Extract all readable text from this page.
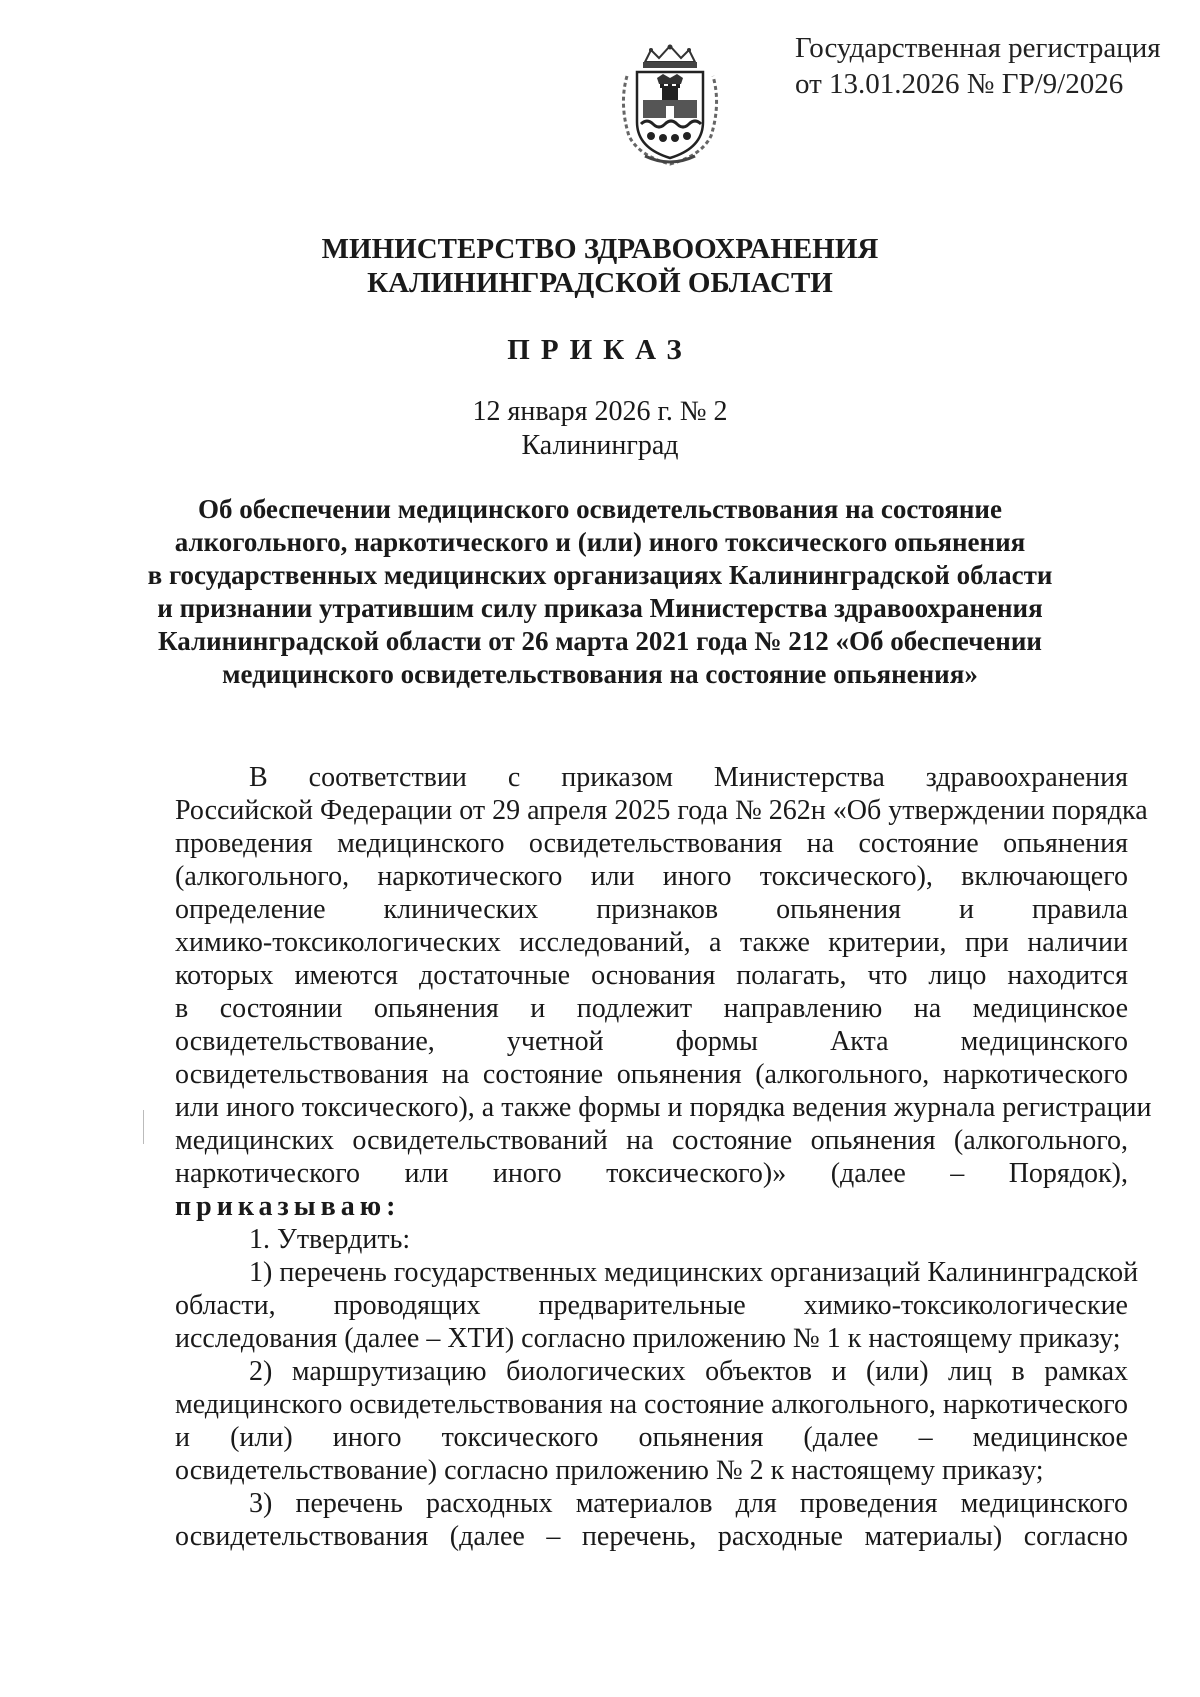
Государственная регистрация
от 13.01.2026 № ГР/9/2026
МИНИСТЕРСТВО ЗДРАВООХРАНЕНИЯ
КАЛИНИНГРАДСКОЙ ОБЛАСТИ
ПРИКАЗ
12 января 2026 г. № 2
Калининград
Об обеспечении медицинского освидетельствования на состояние
алкогольного, наркотического и (или) иного токсического опьянения
в государственных медицинских организациях Калининградской области
и признании утратившим силу приказа Министерства здравоохранения
Калининградской области от 26 марта 2021 года № 212 «Об обеспечении
медицинского освидетельствования на состояние опьянения»
В соответствии с приказом Министерства здравоохранения
Российской Федерации от 29 апреля 2025 года № 262н «Об утверждении порядка
проведения медицинского освидетельствования на состояние опьянения
(алкогольного, наркотического или иного токсического), включающего
определение клинических признаков опьянения и правила
химико-токсикологических исследований, а также критерии, при наличии
которых имеются достаточные основания полагать, что лицо находится
в состоянии опьянения и подлежит направлению на медицинское
освидетельствование, учетной формы Акта медицинского
освидетельствования на состояние опьянения (алкогольного, наркотического
или иного токсического), а также формы и порядка ведения журнала регистрации
медицинских освидетельствований на состояние опьянения (алкогольного,
наркотического или иного токсического)» (далее – Порядок),
приказываю:
1. Утвердить:
1) перечень государственных медицинских организаций Калининградской
области, проводящих предварительные химико-токсикологические
исследования (далее – ХТИ) согласно приложению № 1 к настоящему приказу;
2) маршрутизацию биологических объектов и (или) лиц в рамках
медицинского освидетельствования на состояние алкогольного, наркотического
и (или) иного токсического опьянения (далее – медицинское
освидетельствование) согласно приложению № 2 к настоящему приказу;
3) перечень расходных материалов для проведения медицинского
освидетельствования (далее – перечень, расходные материалы) согласно
